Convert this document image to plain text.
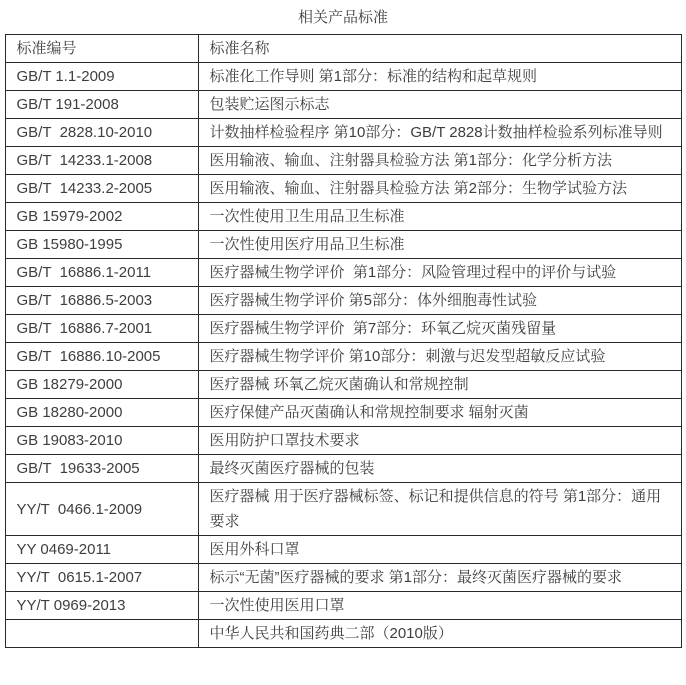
相关产品标准
标准编号	标准名称
GB/T 1.1-2009	标准化工作导则 第1部分：标准的结构和起草规则
GB/T 191-2008	包装贮运图示标志
GB/T  2828.10-2010	计数抽样检验程序 第10部分：GB/T 2828计数抽样检验系列标准导则
GB/T  14233.1-2008	医用输液、输血、注射器具检验方法 第1部分：化学分析方法
GB/T  14233.2-2005	医用输液、输血、注射器具检验方法 第2部分：生物学试验方法
GB 15979-2002	一次性使用卫生用品卫生标准
GB 15980-1995	一次性使用医疗用品卫生标准
GB/T  16886.1-2011	医疗器械生物学评价  第1部分：风险管理过程中的评价与试验
GB/T  16886.5-2003	医疗器械生物学评价 第5部分：体外细胞毒性试验
GB/T  16886.7-2001	医疗器械生物学评价  第7部分：环氧乙烷灭菌残留量
GB/T  16886.10-2005	医疗器械生物学评价 第10部分：刺激与迟发型超敏反应试验
GB 18279-2000	医疗器械 环氧乙烷灭菌确认和常规控制
GB 18280-2000	医疗保健产品灭菌确认和常规控制要求 辐射灭菌
GB 19083-2010	医用防护口罩技术要求
GB/T  19633-2005	最终灭菌医疗器械的包装
YY/T  0466.1-2009	医疗器械 用于医疗器械标签、标记和提供信息的符号 第1部分：通用要求
YY 0469-2011	医用外科口罩
YY/T  0615.1-2007	标示“无菌”医疗器械的要求 第1部分：最终灭菌医疗器械的要求
YY/T 0969-2013	一次性使用医用口罩
	中华人民共和国药典二部（2010版）
